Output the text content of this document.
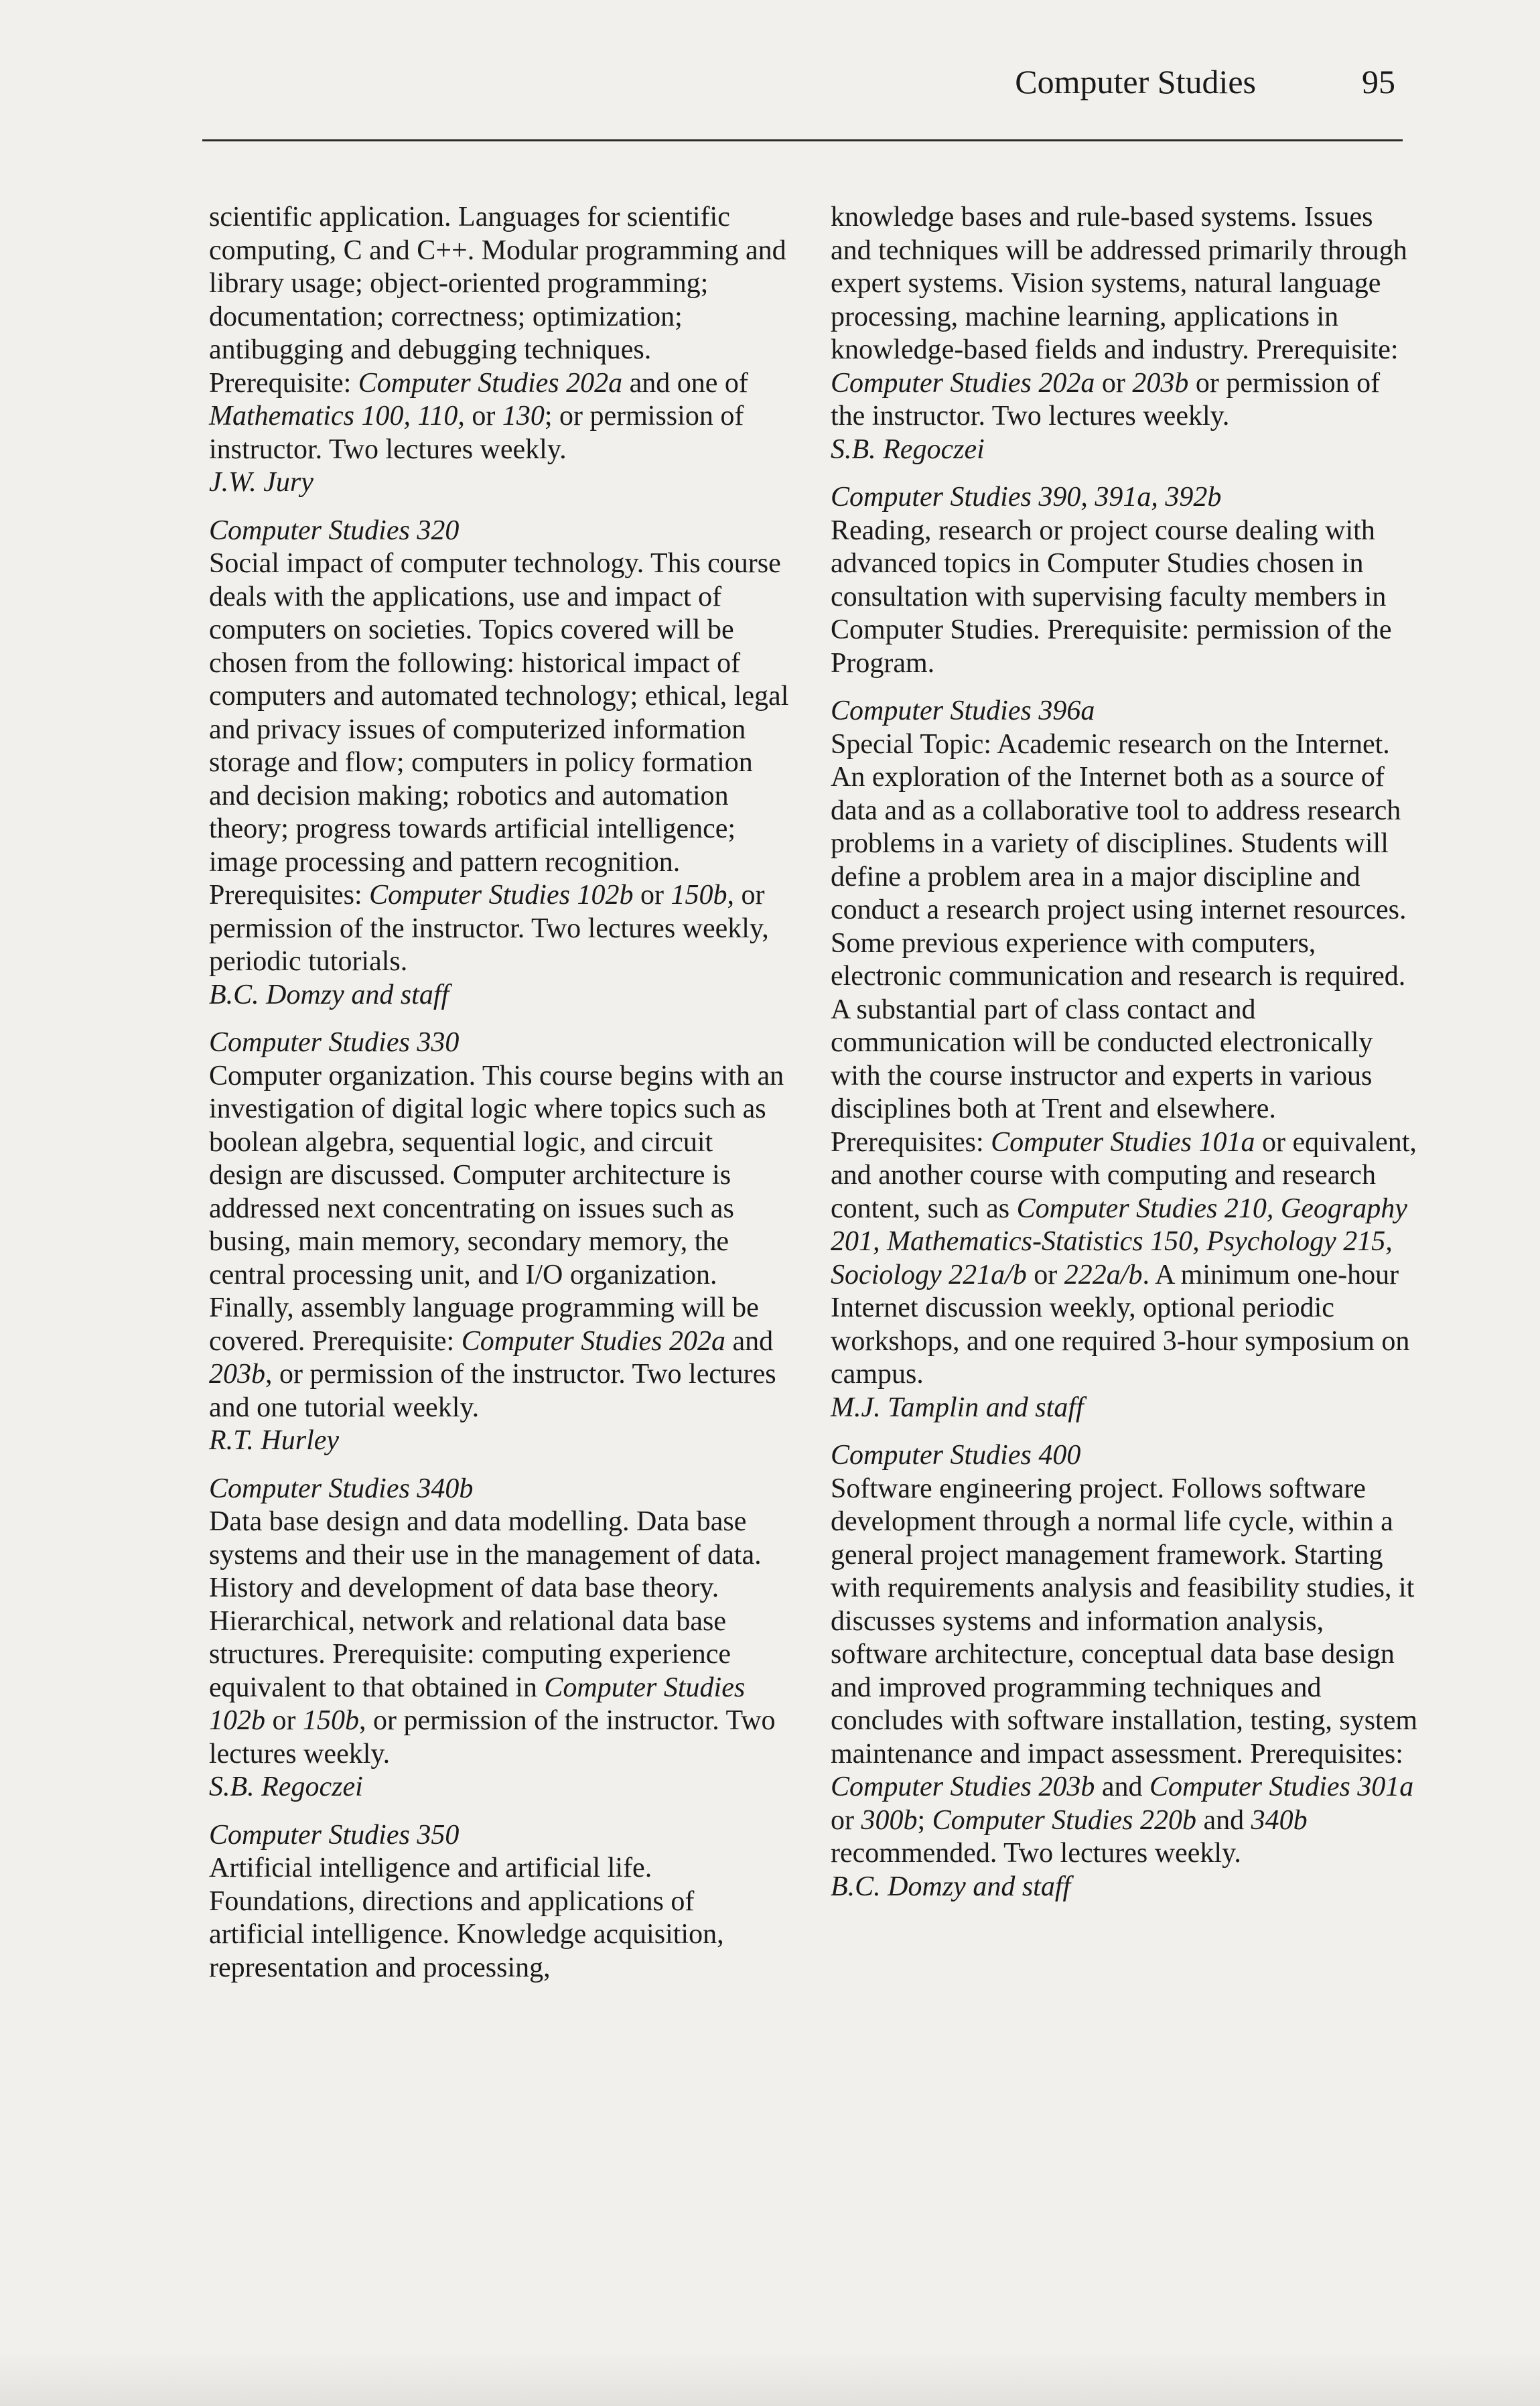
Computer Studies	95

scientific application. Languages for scientific computing, C and C++. Modular programming and library usage; object-oriented programming; documentation; correctness; optimization; antibugging and debugging techniques. Prerequisite: Computer Studies 202a and one of Mathematics 100, 110, or 130; or permission of instructor. Two lectures weekly.

J.W. Jury

Computer Studies 320

Social impact of computer technology. This course deals with the applications, use and impact of computers on societies. Topics covered will be chosen from the following: historical impact of computers and automated technology; ethical, legal and privacy issues of computerized information storage and flow; computers in policy formation and decision making; robotics and automation theory; progress towards artificial intelligence; image processing and pattern recognition. Prerequisites: Computer Studies 102b or 150b, or permission of the instructor. Two lectures weekly, periodic tutorials.

B.C. Domzy and staff

Computer Studies 330

Computer organization. This course begins with an investigation of digital logic where topics such as boolean algebra, sequential logic, and circuit design are discussed. Computer architecture is addressed next concentrating on issues such as busing, main memory, secondary memory, the central processing unit, and I/O organization. Finally, assembly language programming will be covered. Prerequisite: Computer Studies 202a and 203b, or permission of the instructor. Two lectures and one tutorial weekly.

R.T. Hurley

Computer Studies 340b

Data base design and data modelling. Data base systems and their use in the management of data. History and development of data base theory. Hierarchical, network and relational data base structures. Prerequisite: computing experience equivalent to that obtained in Computer Studies 102b or 150b, or permission of the instructor. Two lectures weekly.

S.B. Regoczei

Computer Studies 350

Artificial intelligence and artificial life. Foundations, directions and applications of artificial intelligence. Knowledge acquisition, representation and processing,

knowledge bases and rule-based systems. Issues and techniques will be addressed primarily through expert systems. Vision systems, natural language processing, machine learning, applications in knowledge-based fields and industry. Prerequisite: Computer Studies 202a or 203b or permission of the instructor. Two lectures weekly.

S.B. Regoczei

Computer Studies 390, 391a, 392b

Reading, research or project course dealing with advanced topics in Computer Studies chosen in consultation with supervising faculty members in Computer Studies. Prerequisite: permission of the Program.

Computer Studies 396a

Special Topic: Academic research on the Internet. An exploration of the Internet both as a source of data and as a collaborative tool to address research problems in a variety of disciplines. Students will define a problem area in a major discipline and conduct a research project using internet resources. Some previous experience with computers, electronic communication and research is required. A substantial part of class contact and communication will be conducted electronically with the course instructor and experts in various disciplines both at Trent and elsewhere. Prerequisites: Computer Studies 101a or equivalent, and another course with computing and research content, such as Computer Studies 210, Geography 201, Mathematics-Statistics 150, Psychology 215, Sociology 221a/b or 222a/b. A minimum one-hour Internet discussion weekly, optional periodic workshops, and one required 3-hour symposium on campus.

M.J. Tamplin and staff

Computer Studies 400

Software engineering project. Follows software development through a normal life cycle, within a general project management framework. Starting with requirements analysis and feasibility studies, it discusses systems and information analysis, software architecture, conceptual data base design and improved programming techniques and concludes with software installation, testing, system maintenance and impact assessment. Prerequisites: Computer Studies 203b and Computer Studies 301a or 300b; Computer Studies 220b and 340b recommended. Two lectures weekly.

B.C. Domzy and staff
